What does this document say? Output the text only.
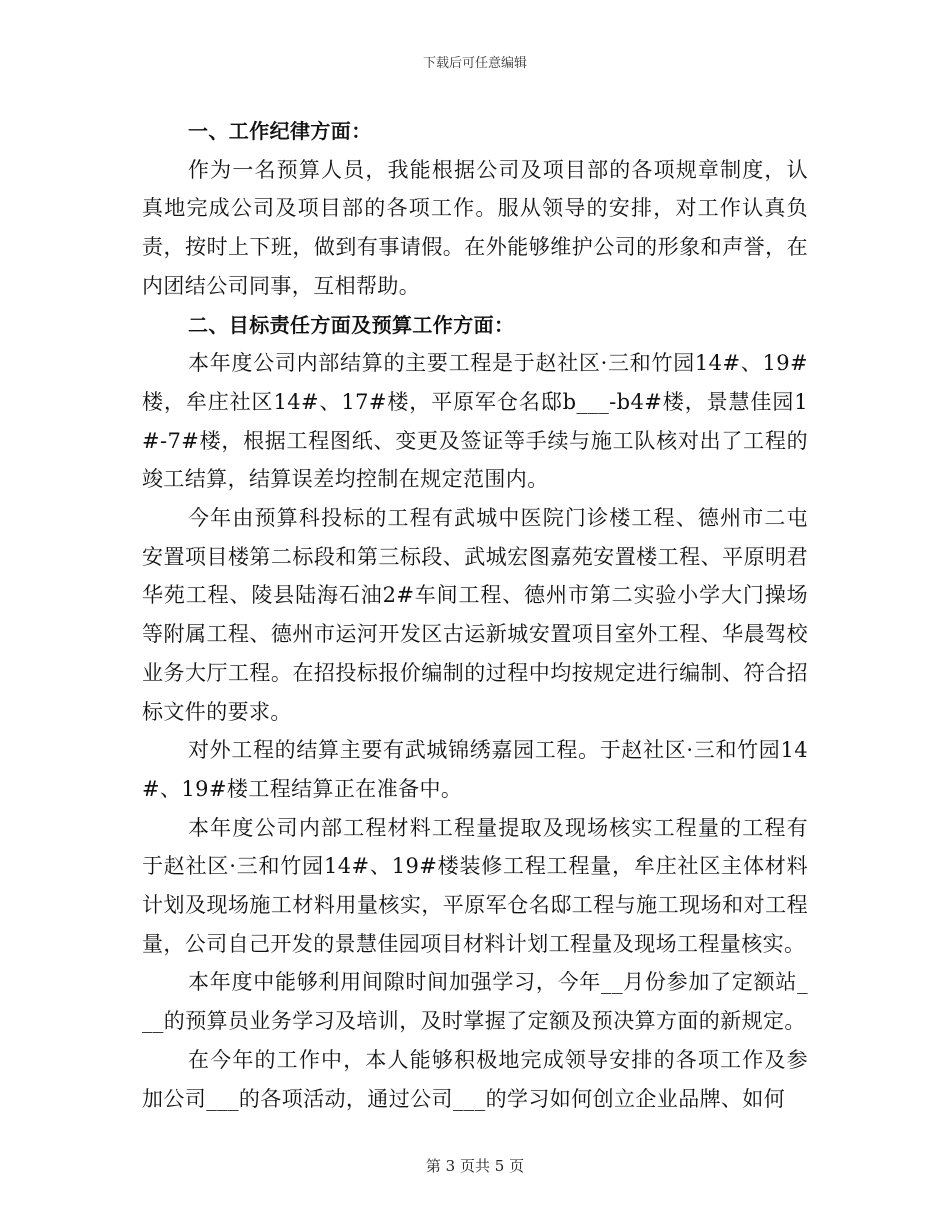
下载后可任意编辑

一、工作纪律方面：

作为一名预算人员，我能根据公司及项目部的各项规章制度，认真地完成公司及项目部的各项工作。服从领导的安排，对工作认真负责，按时上下班，做到有事请假。在外能够维护公司的形象和声誉，在内团结公司同事，互相帮助。

二、目标责任方面及预算工作方面：

本年度公司内部结算的主要工程是于赵社区·三和竹园14#、19#楼，牟庄社区14#、17#楼，平原军仓名邸b___-b4#楼，景慧佳园1#-7#楼，根据工程图纸、变更及签证等手续与施工队核对出了工程的竣工结算，结算误差均控制在规定范围内。

今年由预算科投标的工程有武城中医院门诊楼工程、德州市二屯安置项目楼第二标段和第三标段、武城宏图嘉苑安置楼工程、平原明君华苑工程、陵县陆海石油2#车间工程、德州市第二实验小学大门操场等附属工程、德州市运河开发区古运新城安置项目室外工程、华晨驾校业务大厅工程。在招投标报价编制的过程中均按规定进行编制、符合招标文件的要求。

对外工程的结算主要有武城锦绣嘉园工程。于赵社区·三和竹园14#、19#楼工程结算正在准备中。

本年度公司内部工程材料工程量提取及现场核实工程量的工程有于赵社区·三和竹园14#、19#楼装修工程工程量，牟庄社区主体材料计划及现场施工材料用量核实，平原军仓名邸工程与施工现场和对工程量，公司自己开发的景慧佳园项目材料计划工程量及现场工程量核实。

本年度中能够利用间隙时间加强学习，今年__月份参加了定额站___的预算员业务学习及培训，及时掌握了定额及预决算方面的新规定。

在今年的工作中，本人能够积极地完成领导安排的各项工作及参加公司___的各项活动，通过公司___的学习如何创立企业品牌、如何

第 3 页共 5 页
